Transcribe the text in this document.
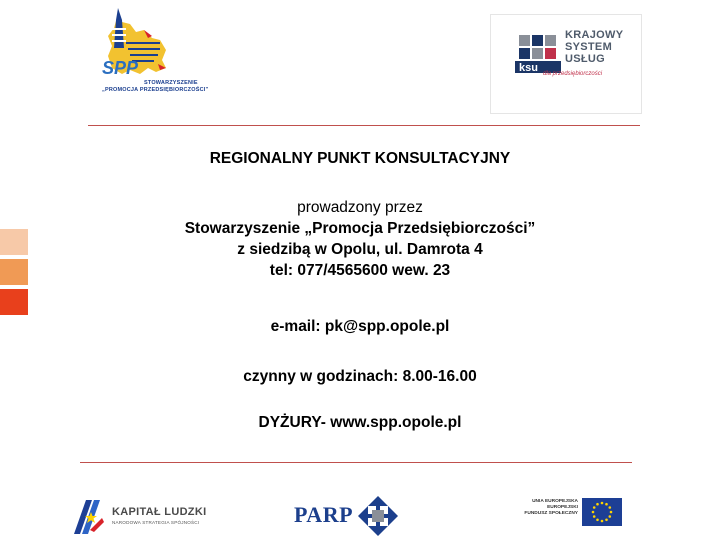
SPP
STOWARZYSZENIE
„PROMOCJA PRZEDSIĘBIORCZOŚCI”
ksu
KRAJOWY
SYSTEM
USŁUG
dla przedsiębiorczości
REGIONALNY PUNKT KONSULTACYJNY
prowadzony przez
Stowarzyszenie „Promocja Przedsiębiorczości”
z siedzibą w Opolu, ul. Damrota 4
tel: 077/4565600 wew. 23
e-mail: pk@spp.opole.pl
czynny w godzinach: 8.00-16.00
DYŻURY- www.spp.opole.pl
KAPITAŁ LUDZKI
NARODOWA STRATEGIA SPÓJNOŚCI	PARP
UNIA EUROPEJSKA
EUROPEJSKI
FUNDUSZ SPOŁECZNY
